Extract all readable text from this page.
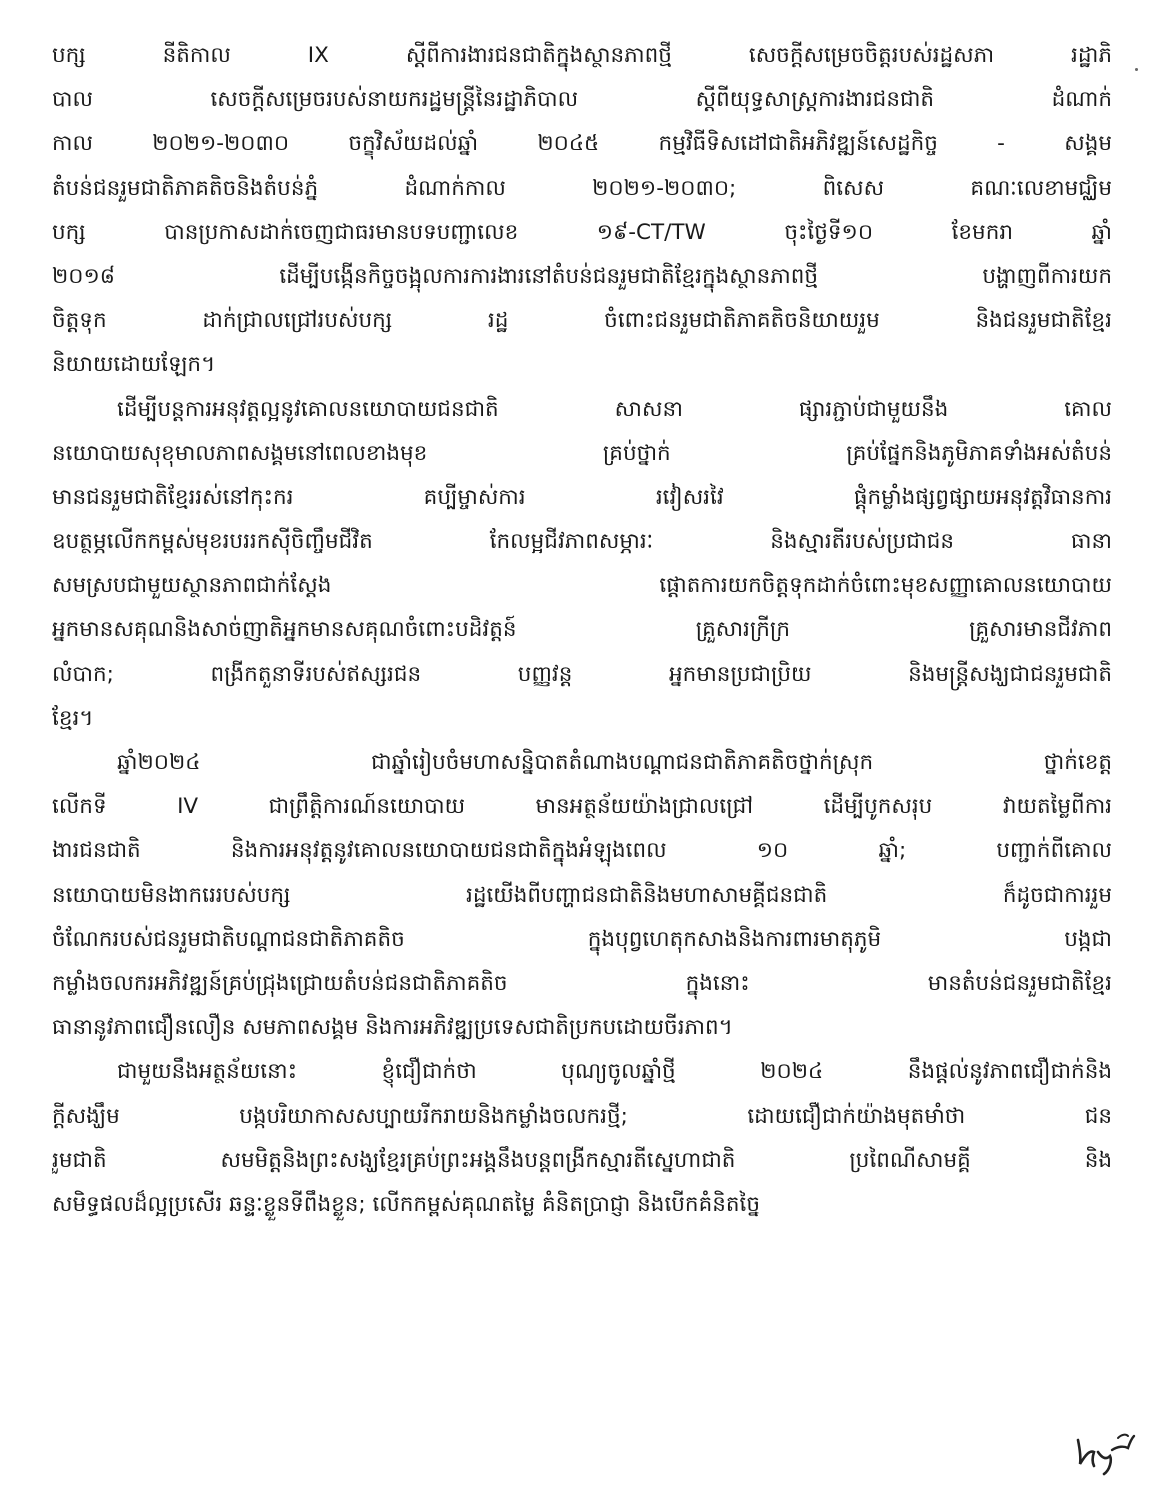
បក្ស នីតិកាល IX ស្ដីពីការងារជនជាតិក្នុងស្ថានភាពថ្មី សេចក្ដីសម្រេចចិត្តរបស់រដ្ឋសភា រដ្ឋាភិ
បាល សេចក្ដីសម្រេចរបស់នាយករដ្ឋមន្ត្រីនៃរដ្ឋាភិបាល ស្ដីពីយុទ្ធសាស្ត្រការងារជនជាតិ ដំណាក់
កាល ២០២១-២០៣០ ចក្ខុវិស័យដល់ឆ្នាំ ២០៤៥ កម្មវិធីទិសដៅជាតិអភិវឌ្ឍន៍សេដ្ឋកិច្ច - សង្គម
តំបន់ជនរួមជាតិភាគតិចនិងតំបន់ភ្នំ ដំណាក់កាល ២០២១-២០៣០; ពិសេស គណៈលេខាមជ្ឈិម
បក្ស បានប្រកាសដាក់ចេញជាធរមានបទបញ្ជាលេខ ១៩-CT/TW ចុះថ្ងៃទី១០ ខែមករា ឆ្នាំ
២០១៨ ដើម្បីបង្កើនកិច្ចចង្អុលការការងារនៅតំបន់ជនរួមជាតិខ្មែរក្នុងស្ថានភាពថ្មី បង្ហាញពីការយក
ចិត្តទុក ដាក់ជ្រាលជ្រៅរបស់បក្ស រដ្ឋ ចំពោះជនរួមជាតិភាគតិចនិយាយរួម និងជនរួមជាតិខ្មែរ
និយាយដោយឡែក។
ដើម្បីបន្តការអនុវត្តល្អនូវគោលនយោបាយជនជាតិ សាសនា ផ្សារភ្ជាប់ជាមួយនឹង គោល
នយោបាយសុខុមាលភាពសង្គមនៅពេលខាងមុខ គ្រប់ថ្នាក់ គ្រប់ផ្នែកនិងភូមិភាគទាំងអស់តំបន់
មានជនរួមជាតិខ្មែររស់នៅកុះករ គប្បីម្ចាស់ការ រវៀសរវៃ ផ្តុំកម្លាំងផ្សព្វផ្សាយអនុវត្តវិធានការ
ឧបត្ថម្ភលើកកម្ពស់មុខរបររកស៊ីចិញ្ចឹមជីវិត កែលម្អជីវភាពសម្ភារៈ និងស្មារតីរបស់ប្រជាជន ធានា
សមស្របជាមួយស្ថានភាពជាក់ស្តែង ផ្តោតការយកចិត្តទុកដាក់ចំពោះមុខសញ្ញាគោលនយោបាយ
អ្នកមានសគុណនិងសាច់ញាតិអ្នកមានសគុណចំពោះបដិវត្តន៍ គ្រួសារក្រីក្រ គ្រួសារមានជីវភាព
លំបាក; ពង្រីកតួនាទីរបស់ឥស្សរជន បញ្ញវន្ត អ្នកមានប្រជាប្រិយ និងមន្ត្រីសង្ឃជាជនរួមជាតិ
ខ្មែរ។
ឆ្នាំ២០២៤ ជាឆ្នាំរៀបចំមហាសន្និបាតតំណាងបណ្ដាជនជាតិភាគតិចថ្នាក់ស្រុក ថ្នាក់ខេត្ត
លើកទី IV ជាព្រឹត្តិការណ៍នយោបាយ មានអត្ថន័យយ៉ាងជ្រាលជ្រៅ ដើម្បីបូកសរុប វាយតម្លៃពីការ
ងារជនជាតិ និងការអនុវត្តនូវគោលនយោបាយជនជាតិក្នុងអំឡុងពេល ១០ ឆ្នាំ; បញ្ជាក់ពីគោល
នយោបាយមិនងាករេរបស់បក្ស រដ្ឋយើងពីបញ្ហាជនជាតិនិងមហាសាមគ្គីជនជាតិ ក៏ដូចជាការរួម
ចំណែករបស់ជនរួមជាតិបណ្ដាជនជាតិភាគតិច ក្នុងបុព្វហេតុកសាងនិងការពារមាតុភូមិ បង្កជា
កម្លាំងចលករអភិវឌ្ឍន៍គ្រប់ជ្រុងជ្រោយតំបន់ជនជាតិភាគតិច ក្នុងនោះ មានតំបន់ជនរួមជាតិខ្មែរ
ធានានូវភាពជឿនលឿន សមភាពសង្គម និងការអភិវឌ្ឍប្រទេសជាតិប្រកបដោយចីរភាព។
ជាមួយនឹងអត្ថន័យនោះ ខ្ញុំជឿជាក់ថា បុណ្យចូលឆ្នាំថ្មី ២០២៤ នឹងផ្តល់នូវភាពជឿជាក់និង
ក្តីសង្ឃឹម បង្កបរិយាកាសសប្បាយរីករាយនិងកម្លាំងចលករថ្មី; ដោយជឿជាក់យ៉ាងមុតមាំថា ជន
រួមជាតិ សមមិត្តនិងព្រះសង្ឃខ្មែរគ្រប់ព្រះអង្គនឹងបន្តពង្រីកស្មារតីស្នេហាជាតិ ប្រពៃណីសាមគ្គី និង
សមិទ្ធផលដ៏ល្អប្រសើរ ឆន្ទៈខ្លួនទីពឹងខ្លួន; លើកកម្ពស់គុណតម្លៃ គំនិតប្រាជ្ញា និងបើកគំនិតច្នៃ
